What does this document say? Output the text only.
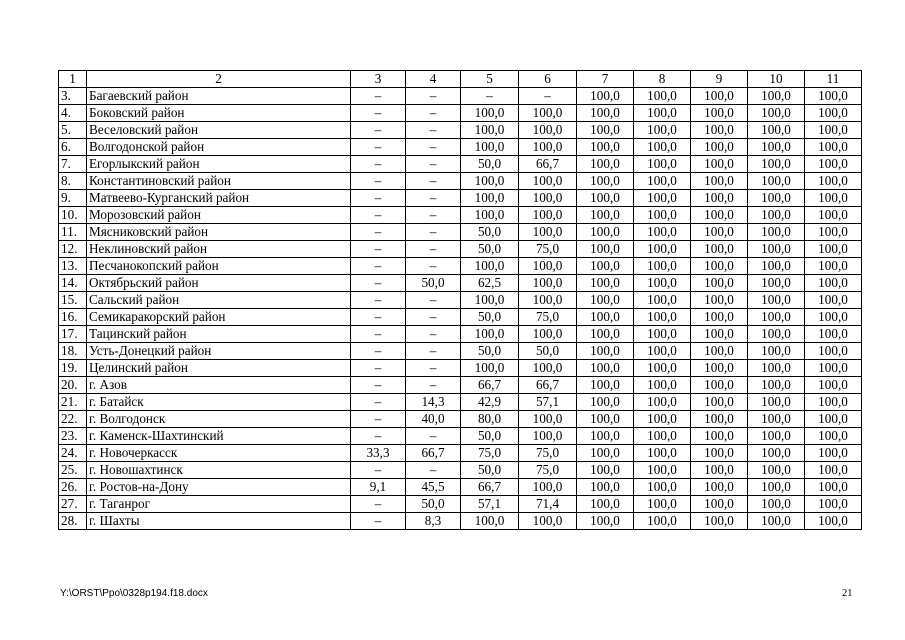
1	2	3	4	5	6	7	8	9	10	11
3.	Багаевский район	–	–	–	–	100,0	100,0	100,0	100,0	100,0
4.	Боковский район	–	–	100,0	100,0	100,0	100,0	100,0	100,0	100,0
5.	Веселовский район	–	–	100,0	100,0	100,0	100,0	100,0	100,0	100,0
6.	Волгодонской район	–	–	100,0	100,0	100,0	100,0	100,0	100,0	100,0
7.	Егорлыкский район	–	–	50,0	66,7	100,0	100,0	100,0	100,0	100,0
8.	Константиновский район	–	–	100,0	100,0	100,0	100,0	100,0	100,0	100,0
9.	Матвеево-Курганский район	–	–	100,0	100,0	100,0	100,0	100,0	100,0	100,0
10.	Морозовский район	–	–	100,0	100,0	100,0	100,0	100,0	100,0	100,0
11.	Мясниковский район	–	–	50,0	100,0	100,0	100,0	100,0	100,0	100,0
12.	Неклиновский район	–	–	50,0	75,0	100,0	100,0	100,0	100,0	100,0
13.	Песчанокопский район	–	–	100,0	100,0	100,0	100,0	100,0	100,0	100,0
14.	Октябрьский район	–	50,0	62,5	100,0	100,0	100,0	100,0	100,0	100,0
15.	Сальский район	–	–	100,0	100,0	100,0	100,0	100,0	100,0	100,0
16.	Семикаракорский район	–	–	50,0	75,0	100,0	100,0	100,0	100,0	100,0
17.	Тацинский район	–	–	100,0	100,0	100,0	100,0	100,0	100,0	100,0
18.	Усть-Донецкий район	–	–	50,0	50,0	100,0	100,0	100,0	100,0	100,0
19.	Целинский район	–	–	100,0	100,0	100,0	100,0	100,0	100,0	100,0
20.	г. Азов	–	–	66,7	66,7	100,0	100,0	100,0	100,0	100,0
21.	г. Батайск	–	14,3	42,9	57,1	100,0	100,0	100,0	100,0	100,0
22.	г. Волгодонск	–	40,0	80,0	100,0	100,0	100,0	100,0	100,0	100,0
23.	г. Каменск-Шахтинский	–	–	50,0	100,0	100,0	100,0	100,0	100,0	100,0
24.	г. Новочеркасск	33,3	66,7	75,0	75,0	100,0	100,0	100,0	100,0	100,0
25.	г. Новошахтинск	–	–	50,0	75,0	100,0	100,0	100,0	100,0	100,0
26.	г. Ростов-на-Дону	9,1	45,5	66,7	100,0	100,0	100,0	100,0	100,0	100,0
27.	г. Таганрог	–	50,0	57,1	71,4	100,0	100,0	100,0	100,0	100,0
28.	г. Шахты	–	8,3	100,0	100,0	100,0	100,0	100,0	100,0	100,0
Y:\ORST\Ppo\0328p194.f18.docx	21
